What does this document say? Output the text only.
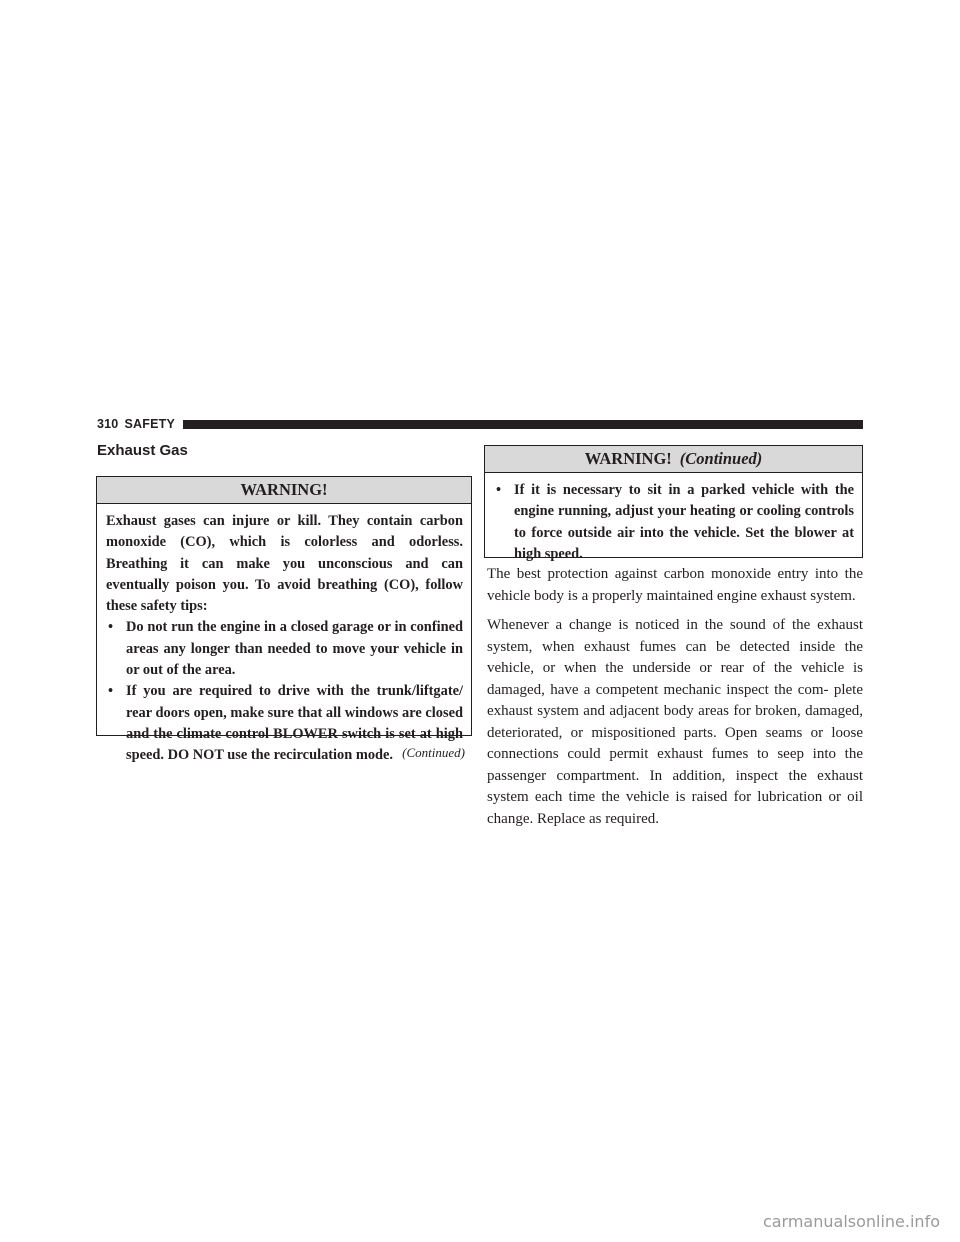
310 SAFETY
Exhaust Gas
WARNING!

Exhaust gases can injure or kill. They contain carbon monoxide (CO), which is colorless and odorless. Breathing it can make you unconscious and can eventually poison you. To avoid breathing (CO), follow these safety tips:

• Do not run the engine in a closed garage or in confined areas any longer than needed to move your vehicle in or out of the area.

• If you are required to drive with the trunk/liftgate/ rear doors open, make sure that all windows are closed and the climate control BLOWER switch is set at high speed. DO NOT use the recirculation mode. (Continued)
WARNING! (Continued)

• If it is necessary to sit in a parked vehicle with the engine running, adjust your heating or cooling controls to force outside air into the vehicle. Set the blower at high speed.

The best protection against carbon monoxide entry into the vehicle body is a properly maintained engine exhaust system.

Whenever a change is noticed in the sound of the exhaust system, when exhaust fumes can be detected inside the vehicle, or when the underside or rear of the vehicle is damaged, have a competent mechanic inspect the com- plete exhaust system and adjacent body areas for broken, damaged, deteriorated, or mispositioned parts. Open seams or loose connections could permit exhaust fumes to seep into the passenger compartment. In addition, inspect the exhaust system each time the vehicle is raised for lubrication or oil change. Replace as required.

carmanualsonline.info
